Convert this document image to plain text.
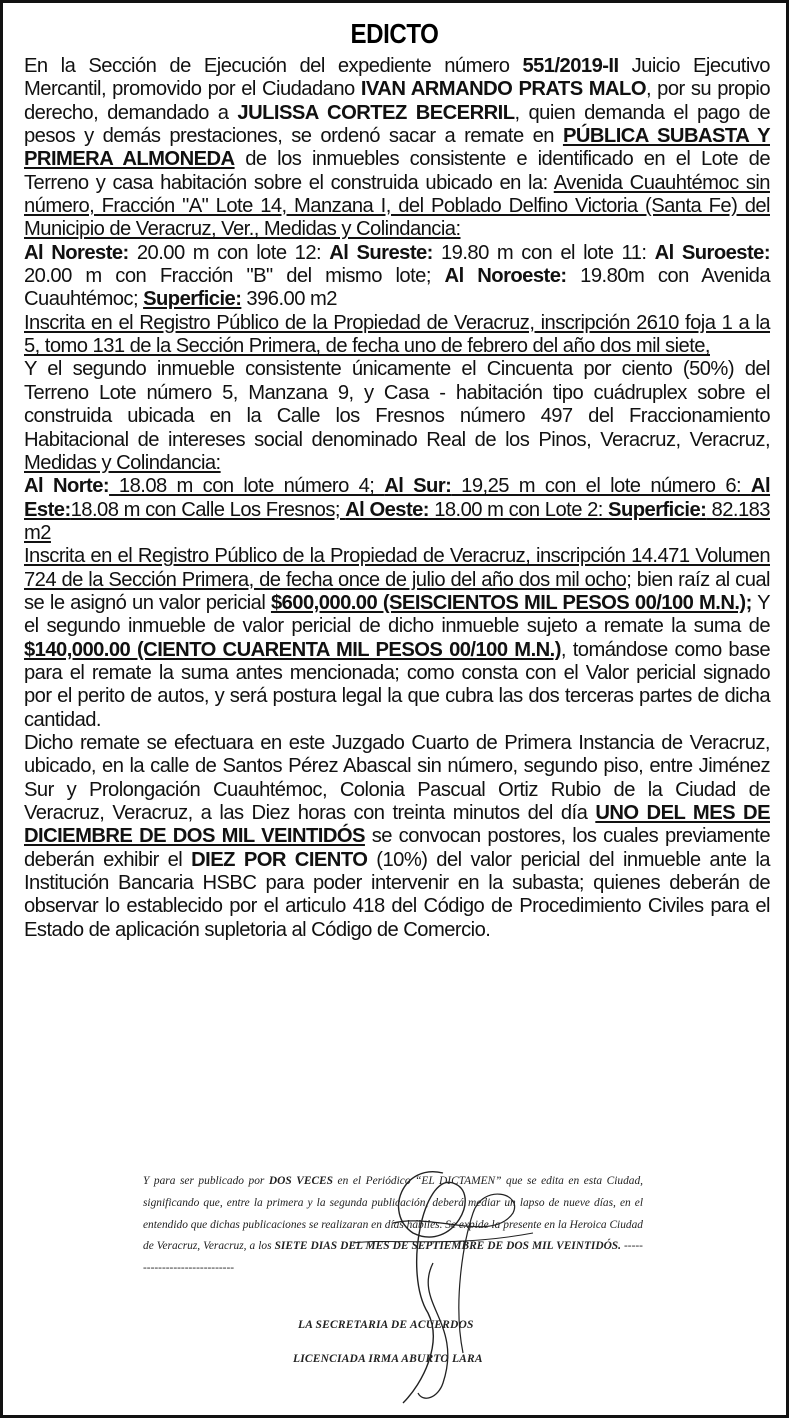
EDICTO

En la Sección de Ejecución del expediente número 551/2019-II Juicio Ejecutivo Mercantil, promovido por el Ciudadano IVAN ARMANDO PRATS MALO, por su propio derecho, demandado a JULISSA CORTEZ BECERRIL, quien demanda el pago de pesos y demás prestaciones, se ordenó sacar a remate en PÚBLICA SUBASTA Y PRIMERA ALMONEDA de los inmuebles consistente e identificado en el Lote de Terreno y casa habitación sobre el construida ubicado en la: Avenida Cuauhtémoc sin número, Fracción "A" Lote 14, Manzana I, del Poblado Delfino Victoria (Santa Fe) del Municipio de Veracruz, Ver., Medidas y Colindancia:

Al Noreste: 20.00 m con lote 12: Al Sureste: 19.80 m con el lote 11: Al Suroeste: 20.00 m con Fracción "B" del mismo lote; Al Noroeste: 19.80m con Avenida Cuauhtémoc; Superficie: 396.00 m2

Inscrita en el Registro Público de la Propiedad de Veracruz, inscripción 2610 foja 1 a la 5, tomo 131 de la Sección Primera, de fecha uno de febrero del año dos mil siete,

Y el segundo inmueble consistente únicamente el Cincuenta por ciento (50%) del Terreno Lote número 5, Manzana 9, y Casa - habitación tipo cuádruplex sobre el construida ubicada en la Calle los Fresnos número 497 del Fraccionamiento Habitacional de intereses social denominado Real de los Pinos, Veracruz, Veracruz, Medidas y Colindancia:

Al Norte: 18.08 m con lote número 4; Al Sur: 19,25 m con el lote número 6: Al Este:18.08 m con Calle Los Fresnos; Al Oeste: 18.00 m con Lote 2: Superficie: 82.183 m2

Inscrita en el Registro Público de la Propiedad de Veracruz, inscripción 14.471 Volumen 724 de la Sección Primera, de fecha once de julio del año dos mil ocho; bien raíz al cual se le asignó un valor pericial $600,000.00 (SEISCIENTOS MIL PESOS 00/100 M.N.); Y el segundo inmueble de valor pericial de dicho inmueble sujeto a remate la suma de $140,000.00 (CIENTO CUARENTA MIL PESOS 00/100 M.N.), tomándose como base para el remate la suma antes mencionada; como consta con el Valor pericial signado por el perito de autos, y será postura legal la que cubra las dos terceras partes de dicha cantidad.

Dicho remate se efectuara en este Juzgado Cuarto de Primera Instancia de Veracruz, ubicado, en la calle de Santos Pérez Abascal sin número, segundo piso, entre Jiménez Sur y Prolongación Cuauhtémoc, Colonia Pascual Ortiz Rubio de la Ciudad de Veracruz, Veracruz, a las Diez horas con treinta minutos del día UNO DEL MES DE DICIEMBRE DE DOS MIL VEINTIDÓS se convocan postores, los cuales previamente deberán exhibir el DIEZ POR CIENTO (10%) del valor pericial del inmueble ante la Institución Bancaria HSBC para poder intervenir en la subasta; quienes deberán de observar lo establecido por el articulo 418 del Código de Procedimiento Civiles para el Estado de aplicación supletoria al Código de Comercio.

Y para ser publicado por DOS VECES en el Periódico “EL DICTAMEN” que se edita en esta Ciudad, significando que, entre la primera y la segunda publicación, deberá mediar un lapso de nueve días, en el entendido que dichas publicaciones se realizaran en días hábiles. Se expide la presente en la Heroica Ciudad de Veracruz, Veracruz, a los SIETE DIAS DEL MES DE SEPTIEMBRE DE DOS MIL VEINTIDÓS. -----------------------------

LA SECRETARIA DE ACUERDOS
LICENCIADA IRMA ABURTO LARA
